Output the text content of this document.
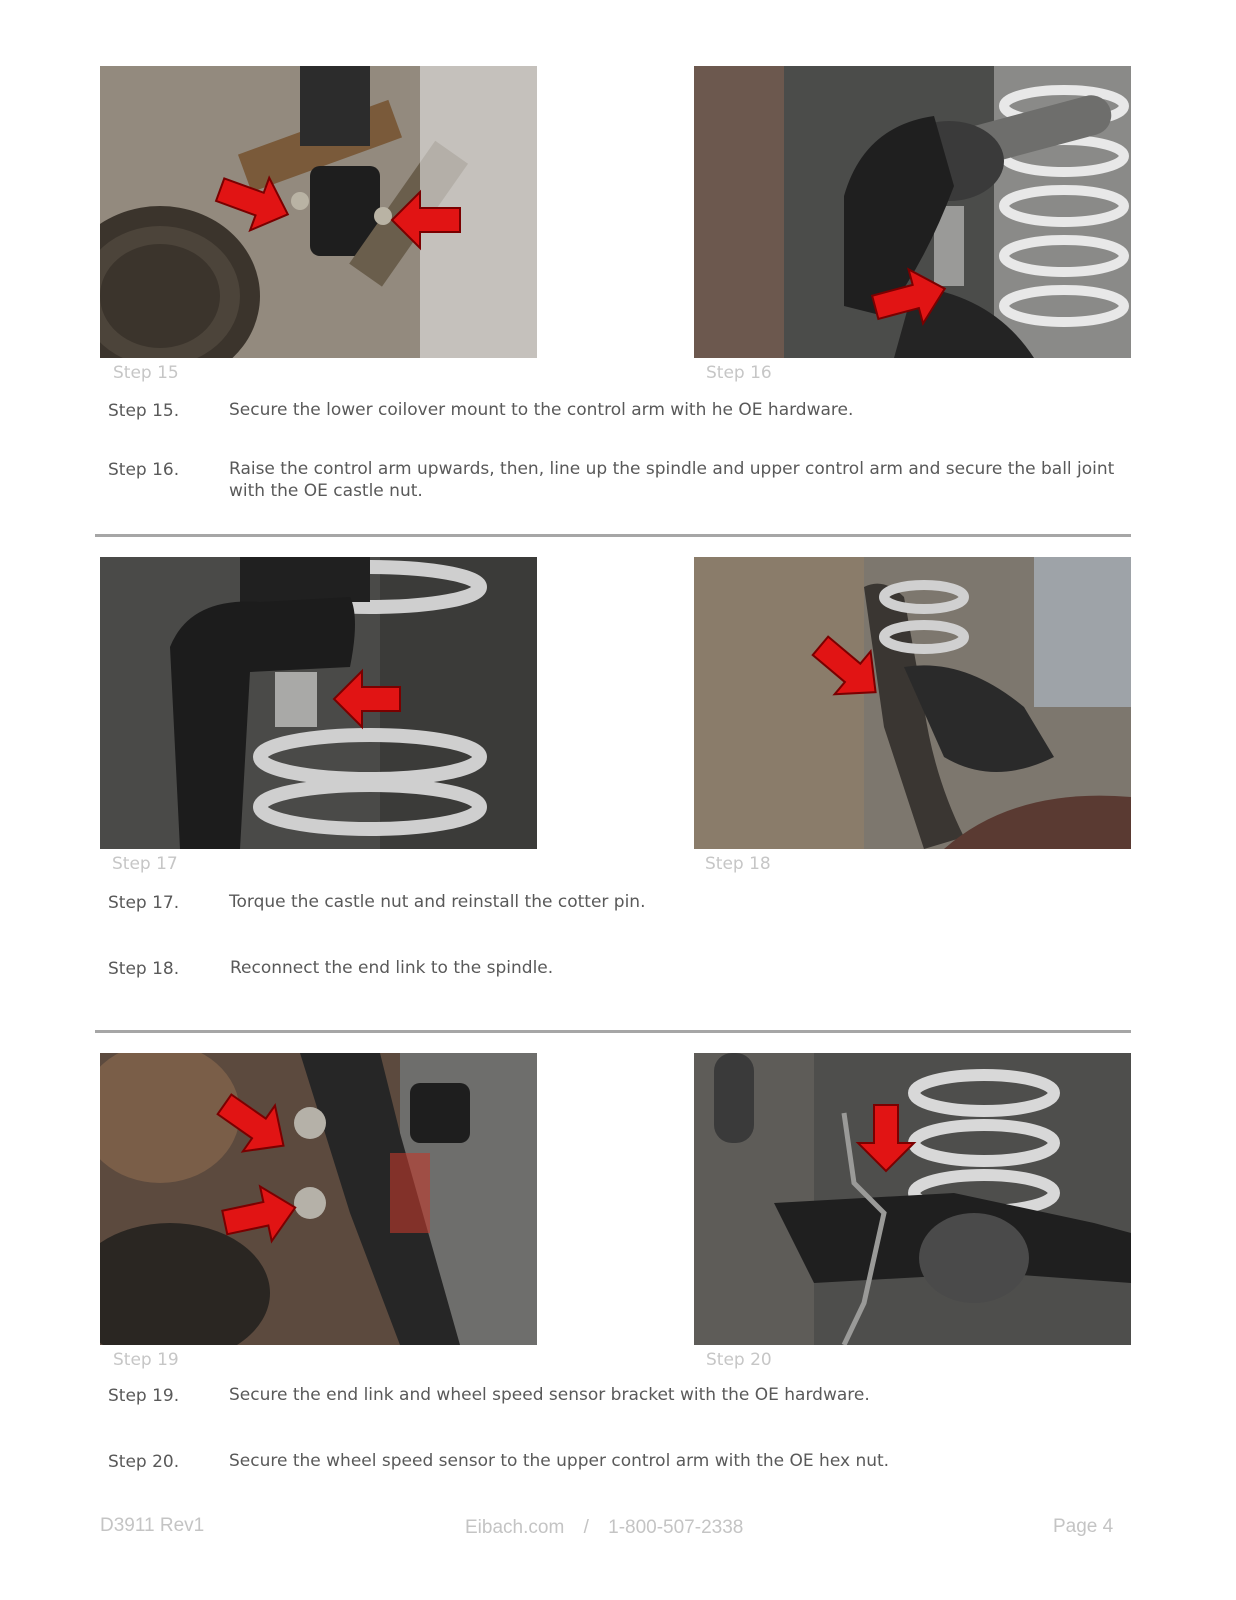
Step 15	Step 16
Step 15.	Secure the lower coilover mount to the control arm with he OE hardware.
Step 16.	Raise the control arm upwards, then, line up the spindle and upper control arm and secure the ball joint with the OE castle nut.
Step 17	Step 18
Step 17.	Torque the castle nut and reinstall the cotter pin.
Step 18.	Reconnect the end link to the spindle.
Step 19	Step 20
Step 19.	Secure the end link and wheel speed sensor bracket with the OE hardware.
Step 20.	Secure the wheel speed sensor to the upper control arm with the OE hex nut.
D3911 Rev1	Eibach.com / 1-800-507-2338	Page 4
